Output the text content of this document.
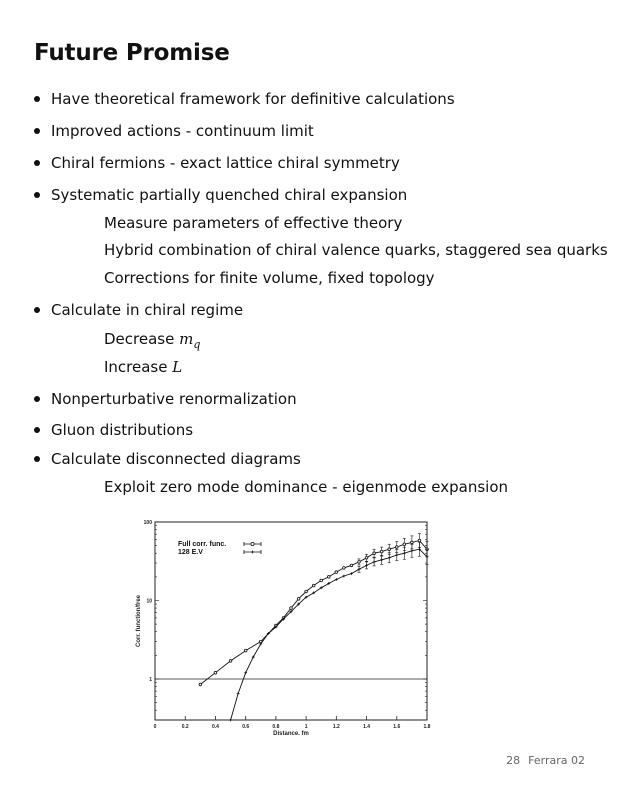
Future Promise
Have theoretical framework for definitive calculations
Improved actions - continuum limit
Chiral fermions - exact lattice chiral symmetry
Systematic partially quenched chiral expansion
Measure parameters of effective theory
Hybrid combination of chiral valence quarks, staggered sea quarks
Corrections for finite volume, fixed topology
Calculate in chiral regime
Decrease $m_q$
Increase L
Nonperturbative renormalization
Gluon distributions
Calculate disconnected diagrams
Exploit zero mode dominance - eigenmode expansion
0	0.2	0.4	0.6	0.8	1	1.2	1.4	1.6	1.8
1
10
100
Distance, fm
Corr. function/free
Full corr. func.
128 E.V
28 Ferrara 02
